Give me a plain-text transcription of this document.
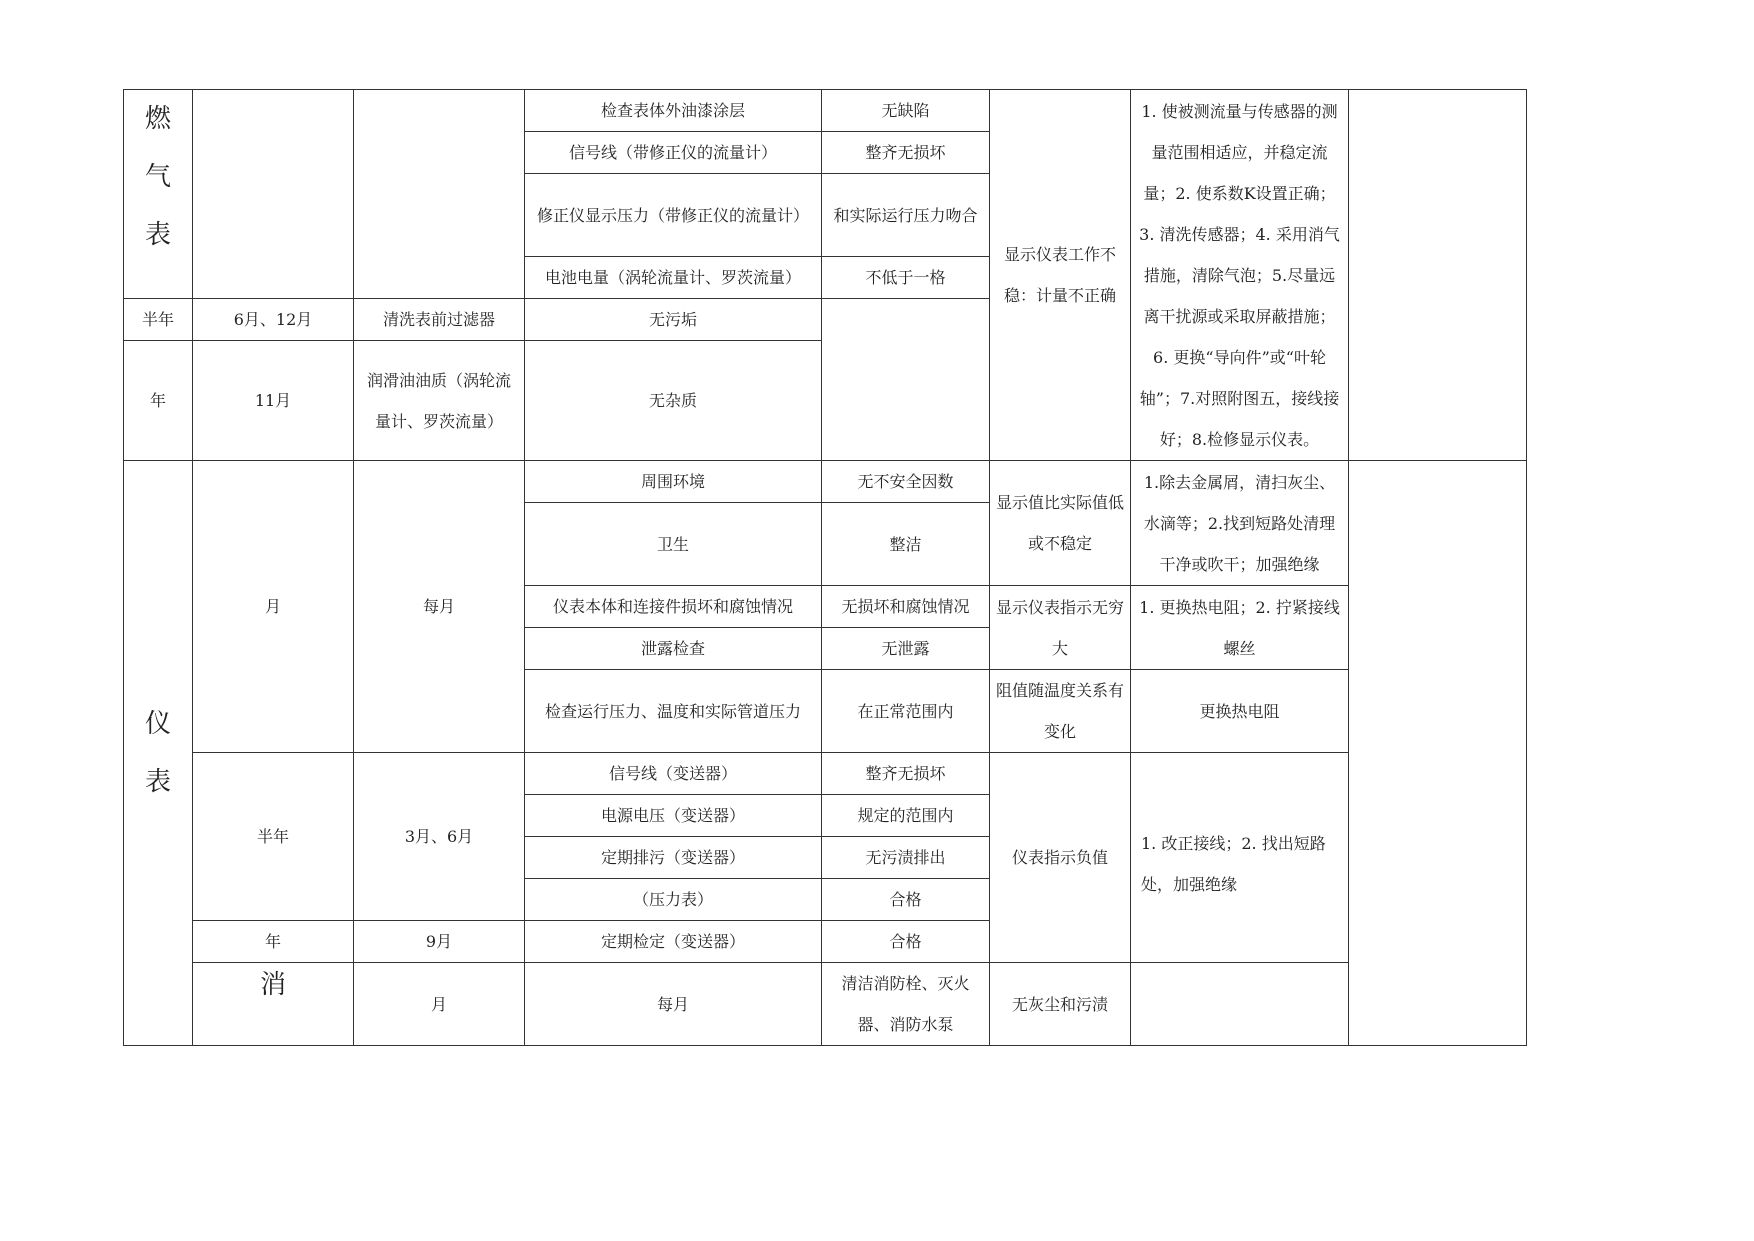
燃气表			检查表体外油漆涂层	无缺陷	显示仪表工作不稳：计量不正确	1. 使被测流量与传感器的测量范围相适应，并稳定流量；2. 使系数K设置正确；3. 清洗传感器；4. 采用消气措施，清除气泡；5.尽量远离干扰源或采取屏蔽措施；6. 更换“导向件”或“叶轮轴”；7.对照附图五，接线接好；8.检修显示仪表。		
			信号线（带修正仪的流量计）	整齐无损坏				
			修正仪显示压力（带修正仪的流量计）	和实际运行压力吻合				
			电池电量（涡轮流量计、罗茨流量）	不低于一格				
半年	6月、12月	清洗表前过滤器	无污垢					
年	11月	润滑油油质（涡轮流量计、罗茨流量）	无杂质					
仪表	月	每月	周围环境	无不安全因数	显示值比实际值低或不稳定	1.除去金属屑，清扫灰尘、水滴等；2.找到短路处清理干净或吹干；加强绝缘		
			卫生	整洁				
			仪表本体和连接件损坏和腐蚀情况	无损坏和腐蚀情况	显示仪表指示无穷大	1. 更换热电阻；2. 拧紧接线螺丝		
			泄露检查	无泄露				
			检查运行压力、温度和实际管道压力	在正常范围内	阻值随温度关系有变化	更换热电阻		
	半年	3月、6月	信号线（变送器）	整齐无损坏	仪表指示负值	1. 改正接线；2. 找出短路处，加强绝缘		
			电源电压（变送器）	规定的范围内				
			定期排污（变送器）	无污渍排出				
			（压力表）	合格				
	年	9月	定期检定（变送器）	合格				
	消	月	每月	清洁消防栓、灭火器、消防水泵	无灰尘和污渍			
